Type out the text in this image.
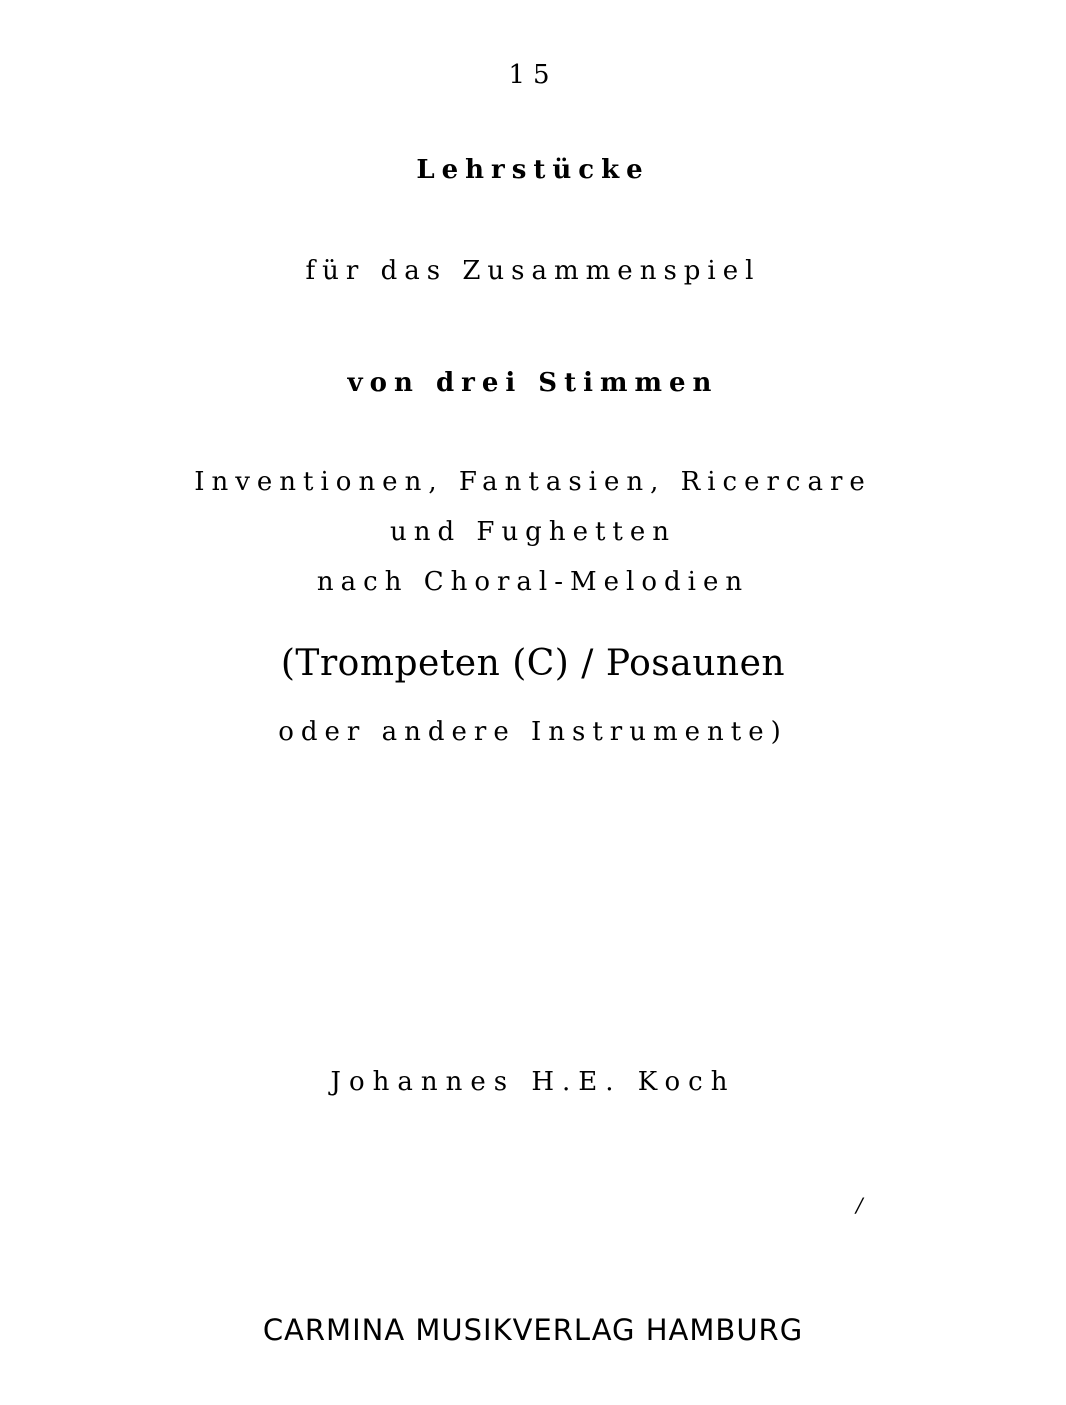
15
Lehrstücke
für das Zusammenspiel
von drei Stimmen
Inventionen, Fantasien, Ricercare
und Fughetten
nach Choral-Melodien
(Trompeten (C) / Posaunen
oder andere Instrumente)
Johannes H.E. Koch
/
CARMINA MUSIKVERLAG HAMBURG
